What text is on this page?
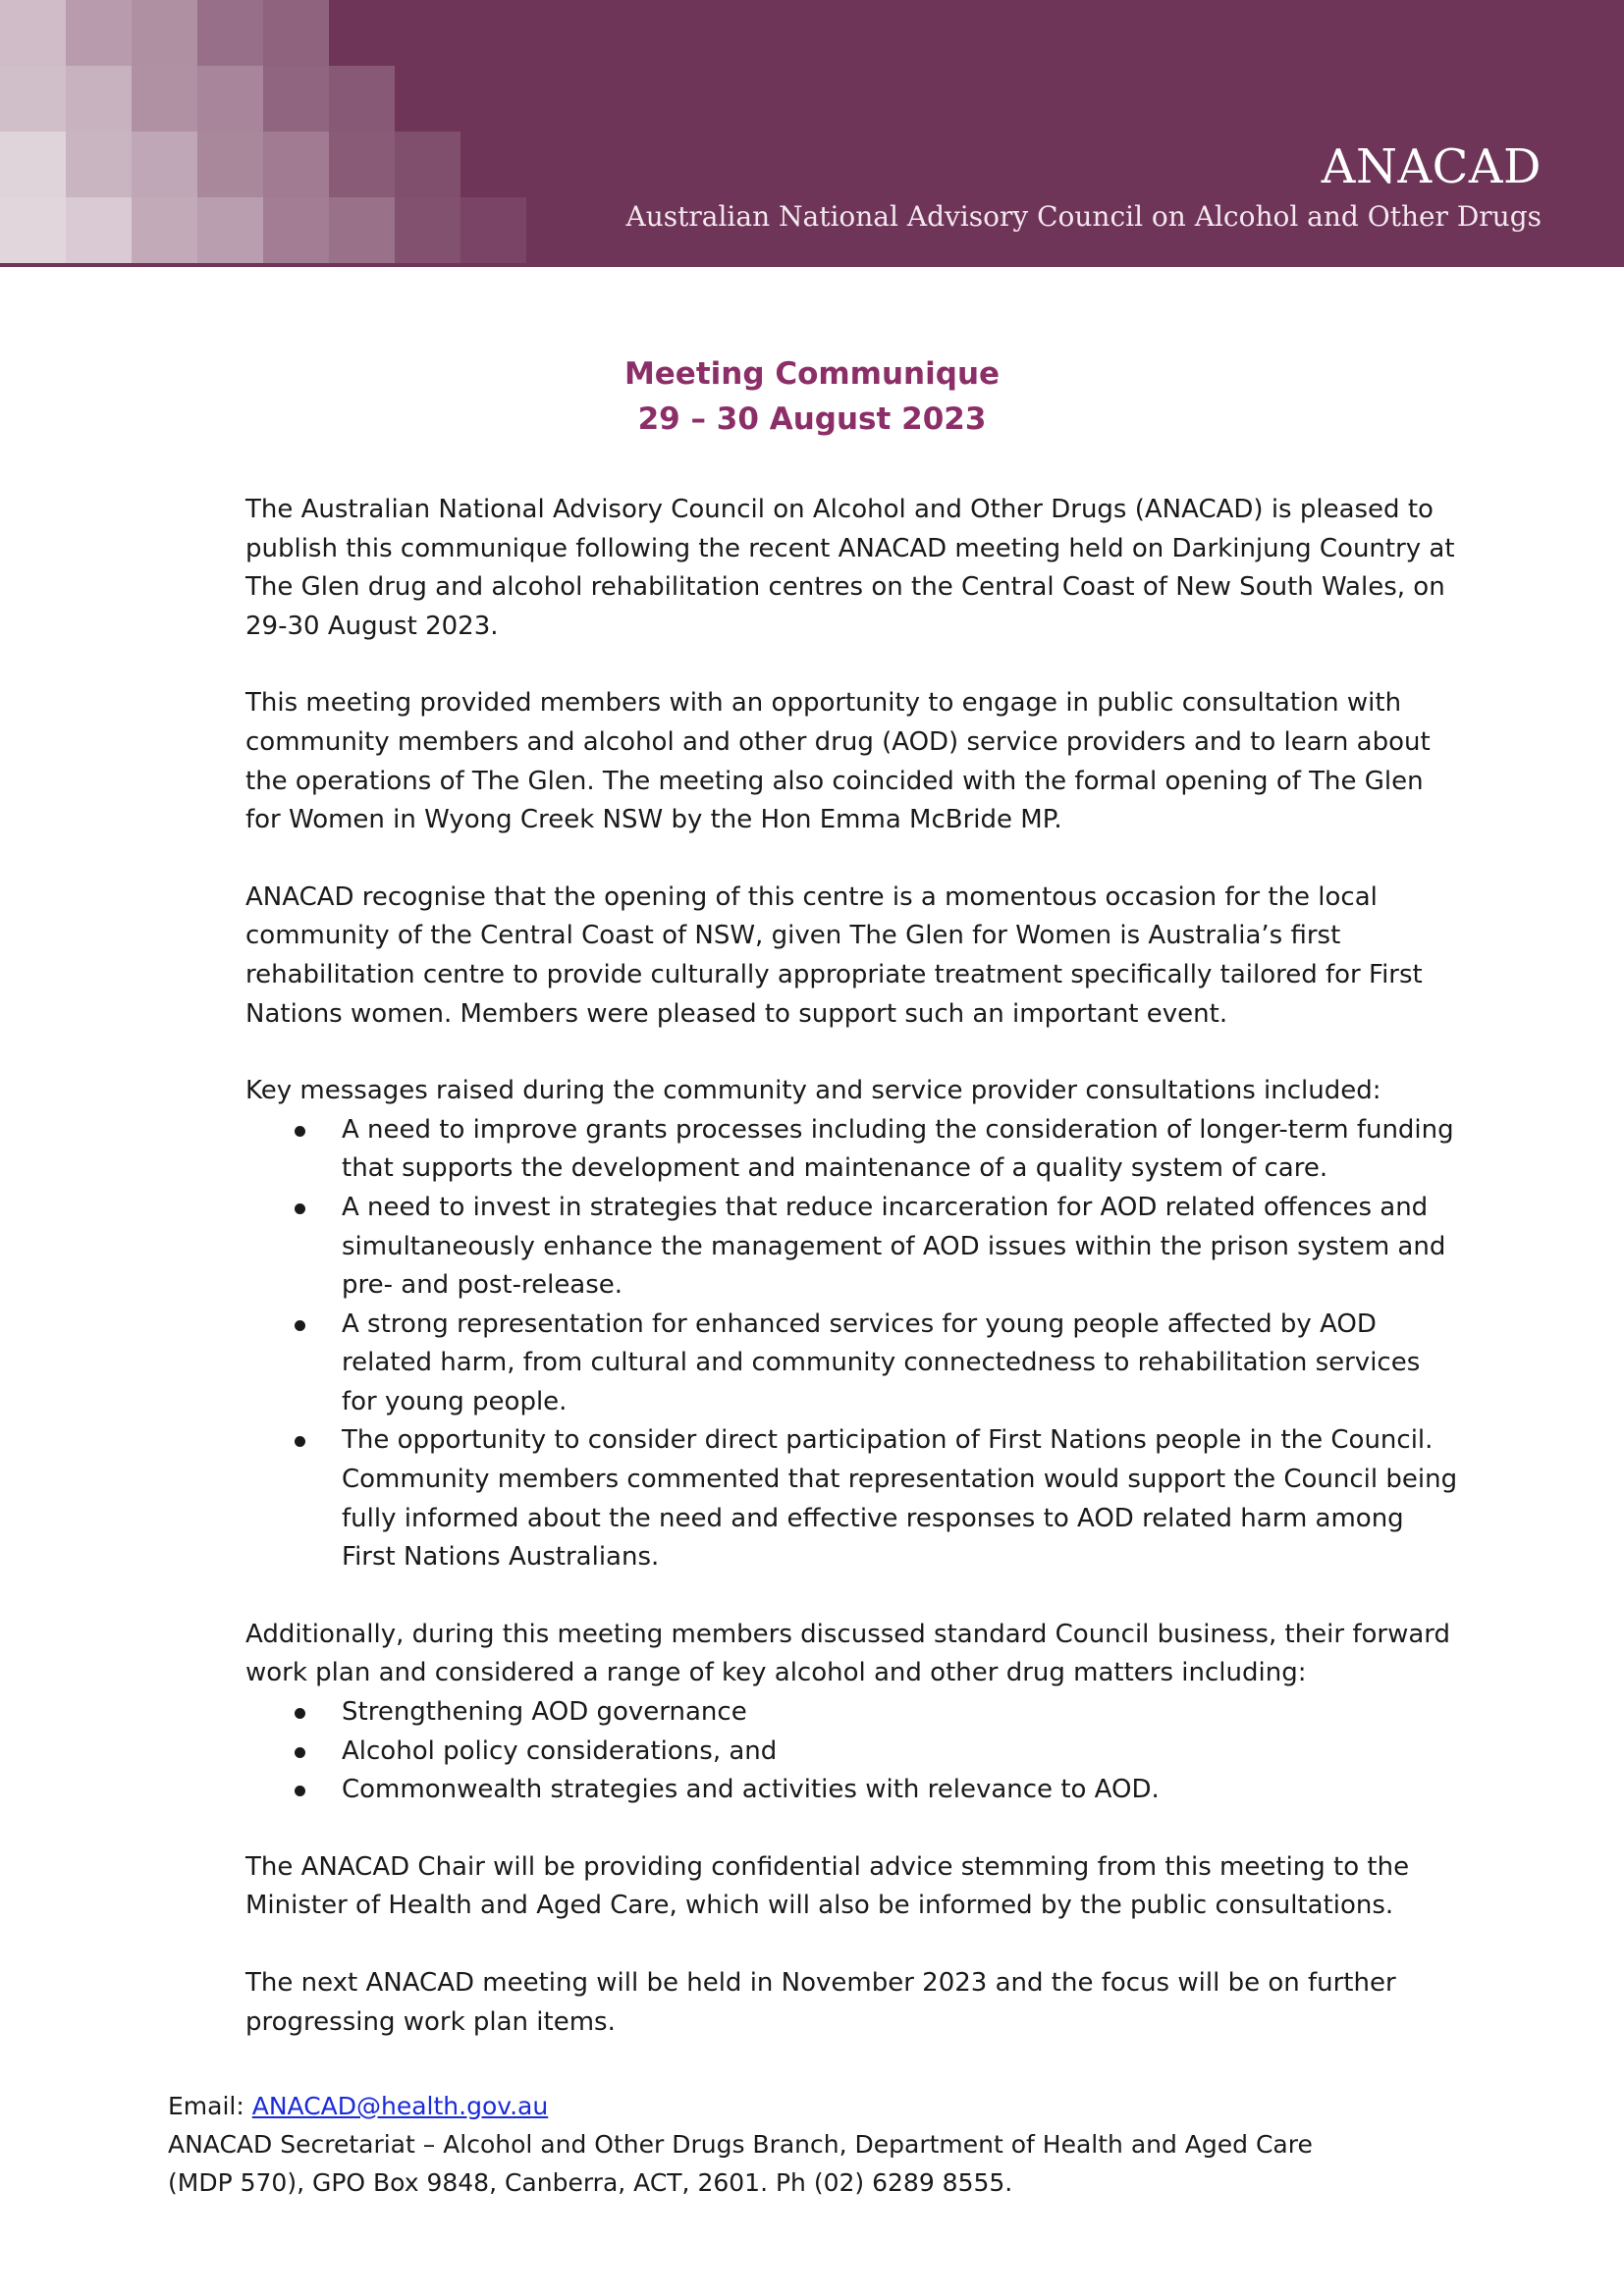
ANACAD
Australian National Advisory Council on Alcohol and Other Drugs
Meeting Communique
29 – 30 August 2023

The Australian National Advisory Council on Alcohol and Other Drugs (ANACAD) is pleased to publish this communique following the recent ANACAD meeting held on Darkinjung Country at The Glen drug and alcohol rehabilitation centres on the Central Coast of New South Wales, on 29-30 August 2023.

This meeting provided members with an opportunity to engage in public consultation with community members and alcohol and other drug (AOD) service providers and to learn about the operations of The Glen. The meeting also coincided with the formal opening of The Glen for Women in Wyong Creek NSW by the Hon Emma McBride MP.

ANACAD recognise that the opening of this centre is a momentous occasion for the local community of the Central Coast of NSW, given The Glen for Women is Australia’s first rehabilitation centre to provide culturally appropriate treatment specifically tailored for First Nations women. Members were pleased to support such an important event.

Key messages raised during the community and service provider consultations included:

A need to improve grants processes including the consideration of longer-term funding that supports the development and maintenance of a quality system of care.
A need to invest in strategies that reduce incarceration for AOD related offences and simultaneously enhance the management of AOD issues within the prison system and pre- and post-release.
A strong representation for enhanced services for young people affected by AOD related harm, from cultural and community connectedness to rehabilitation services for young people.
The opportunity to consider direct participation of First Nations people in the Council. Community members commented that representation would support the Council being fully informed about the need and effective responses to AOD related harm among First Nations Australians.

Additionally, during this meeting members discussed standard Council business, their forward work plan and considered a range of key alcohol and other drug matters including:

Strengthening AOD governance
Alcohol policy considerations, and
Commonwealth strategies and activities with relevance to AOD.

The ANACAD Chair will be providing confidential advice stemming from this meeting to the Minister of Health and Aged Care, which will also be informed by the public consultations.

The next ANACAD meeting will be held in November 2023 and the focus will be on further progressing work plan items.

Email: ANACAD@health.gov.au
ANACAD Secretariat – Alcohol and Other Drugs Branch, Department of Health and Aged Care
(MDP 570), GPO Box 9848, Canberra, ACT, 2601. Ph (02) 6289 8555.
